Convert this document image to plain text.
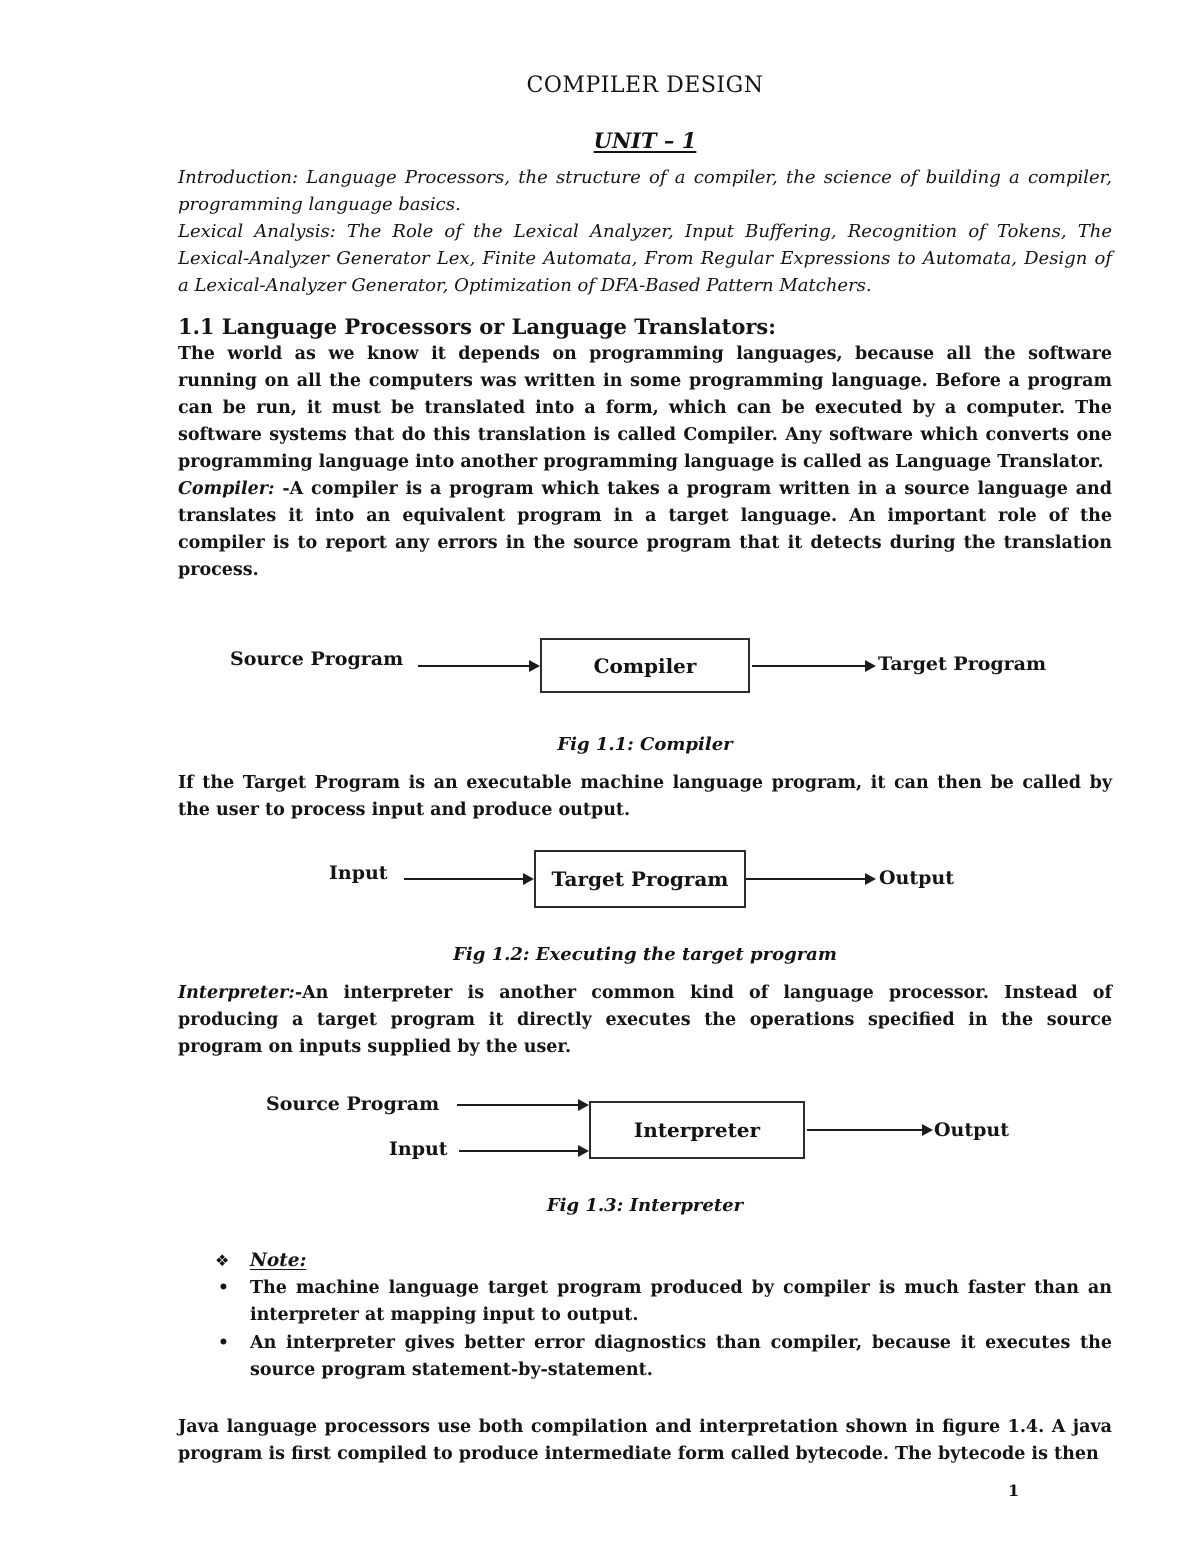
COMPILER DESIGN
UNIT – 1

Introduction: Language Processors, the structure of a compiler, the science of building a compiler, programming language basics.

Lexical Analysis: The Role of the Lexical Analyzer, Input Buffering, Recognition of Tokens, The Lexical-Analyzer Generator Lex, Finite Automata, From Regular Expressions to Automata, Design of a Lexical-Analyzer Generator, Optimization of DFA-Based Pattern Matchers.

1.1 Language Processors or Language Translators:

The world as we know it depends on programming languages, because all the software running on all the computers was written in some programming language. Before a program can be run, it must be translated into a form, which can be executed by a computer. The software systems that do this translation is called Compiler. Any software which converts one programming language into another programming language is called as Language Translator.

Compiler: -A compiler is a program which takes a program written in a source language and translates it into an equivalent program in a target language. An important role of the compiler is to report any errors in the source program that it detects during the translation process.

Source Program	Compiler	Target Program

Fig 1.1: Compiler

If the Target Program is an executable machine language program, it can then be called by the user to process input and produce output.

Input	Target Program	Output

Fig 1.2: Executing the target program

Interpreter:-An interpreter is another common kind of language processor. Instead of producing a target program it directly executes the operations specified in the source program on inputs supplied by the user.

Source Program
Input
Interpreter	Output

Fig 1.3: Interpreter

❖	Note:
•	The machine language target program produced by compiler is much faster than an interpreter at mapping input to output.

•	An interpreter gives better error diagnostics than compiler, because it executes the source program statement-by-statement.

Java language processors use both compilation and interpretation shown in figure 1.4. A java program is first compiled to produce intermediate form called bytecode. The bytecode is then

1
